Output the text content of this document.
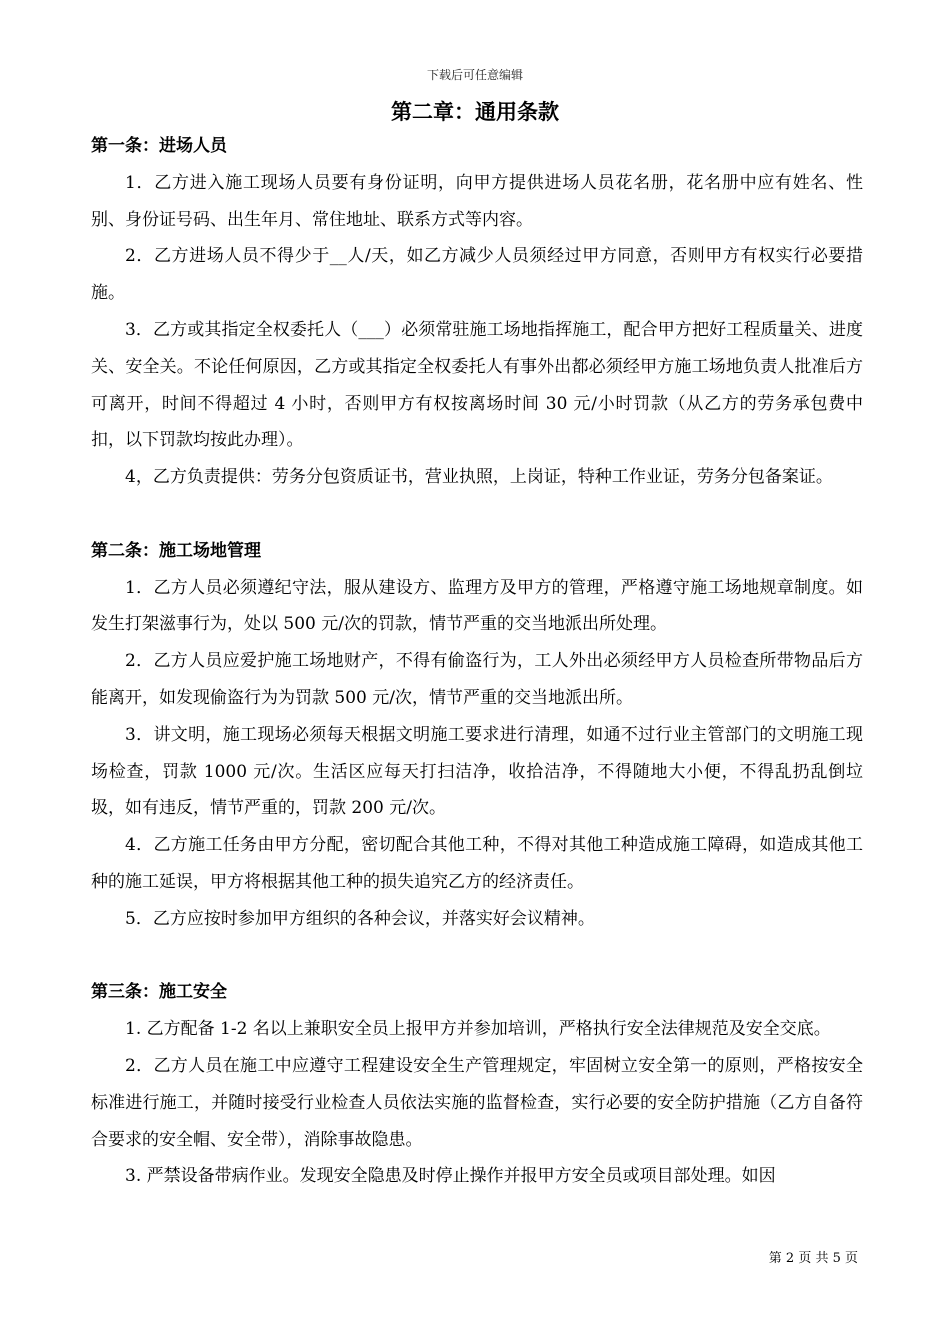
下载后可任意编辑
第二章：通用条款
第一条：进场人员
1．乙方进入施工现场人员要有身份证明，向甲方提供进场人员花名册，花名册中应有姓名、性别、身份证号码、出生年月、常住地址、联系方式等内容。
2．乙方进场人员不得少于__人/天，如乙方减少人员须经过甲方同意，否则甲方有权实行必要措施。
3．乙方或其指定全权委托人（___）必须常驻施工场地指挥施工，配合甲方把好工程质量关、进度关、安全关。不论任何原因，乙方或其指定全权委托人有事外出都必须经甲方施工场地负责人批准后方可离开，时间不得超过 4 小时，否则甲方有权按离场时间 30 元/小时罚款（从乙方的劳务承包费中扣，以下罚款均按此办理）。
4，乙方负责提供：劳务分包资质证书，营业执照，上岗证，特种工作业证，劳务分包备案证。
第二条：施工场地管理
1．乙方人员必须遵纪守法，服从建设方、监理方及甲方的管理，严格遵守施工场地规章制度。如发生打架滋事行为，处以 500 元/次的罚款，情节严重的交当地派出所处理。
2．乙方人员应爱护施工场地财产，不得有偷盗行为，工人外出必须经甲方人员检查所带物品后方能离开，如发现偷盗行为为罚款 500 元/次，情节严重的交当地派出所。
3．讲文明，施工现场必须每天根据文明施工要求进行清理，如通不过行业主管部门的文明施工现场检查，罚款 1000 元/次。生活区应每天打扫洁净，收拾洁净，不得随地大小便，不得乱扔乱倒垃圾，如有违反，情节严重的，罚款 200 元/次。
4．乙方施工任务由甲方分配，密切配合其他工种，不得对其他工种造成施工障碍，如造成其他工种的施工延误，甲方将根据其他工种的损失追究乙方的经济责任。
5．乙方应按时参加甲方组织的各种会议，并落实好会议精神。
第三条：施工安全
1. 乙方配备 1-2 名以上兼职安全员上报甲方并参加培训，严格执行安全法律规范及安全交底。
2．乙方人员在施工中应遵守工程建设安全生产管理规定，牢固树立安全第一的原则，严格按安全标准进行施工，并随时接受行业检查人员依法实施的监督检查，实行必要的安全防护措施（乙方自备符合要求的安全帽、安全带），消除事故隐患。
3. 严禁设备带病作业。发现安全隐患及时停止操作并报甲方安全员或项目部处理。如因
第 2 页 共 5 页
